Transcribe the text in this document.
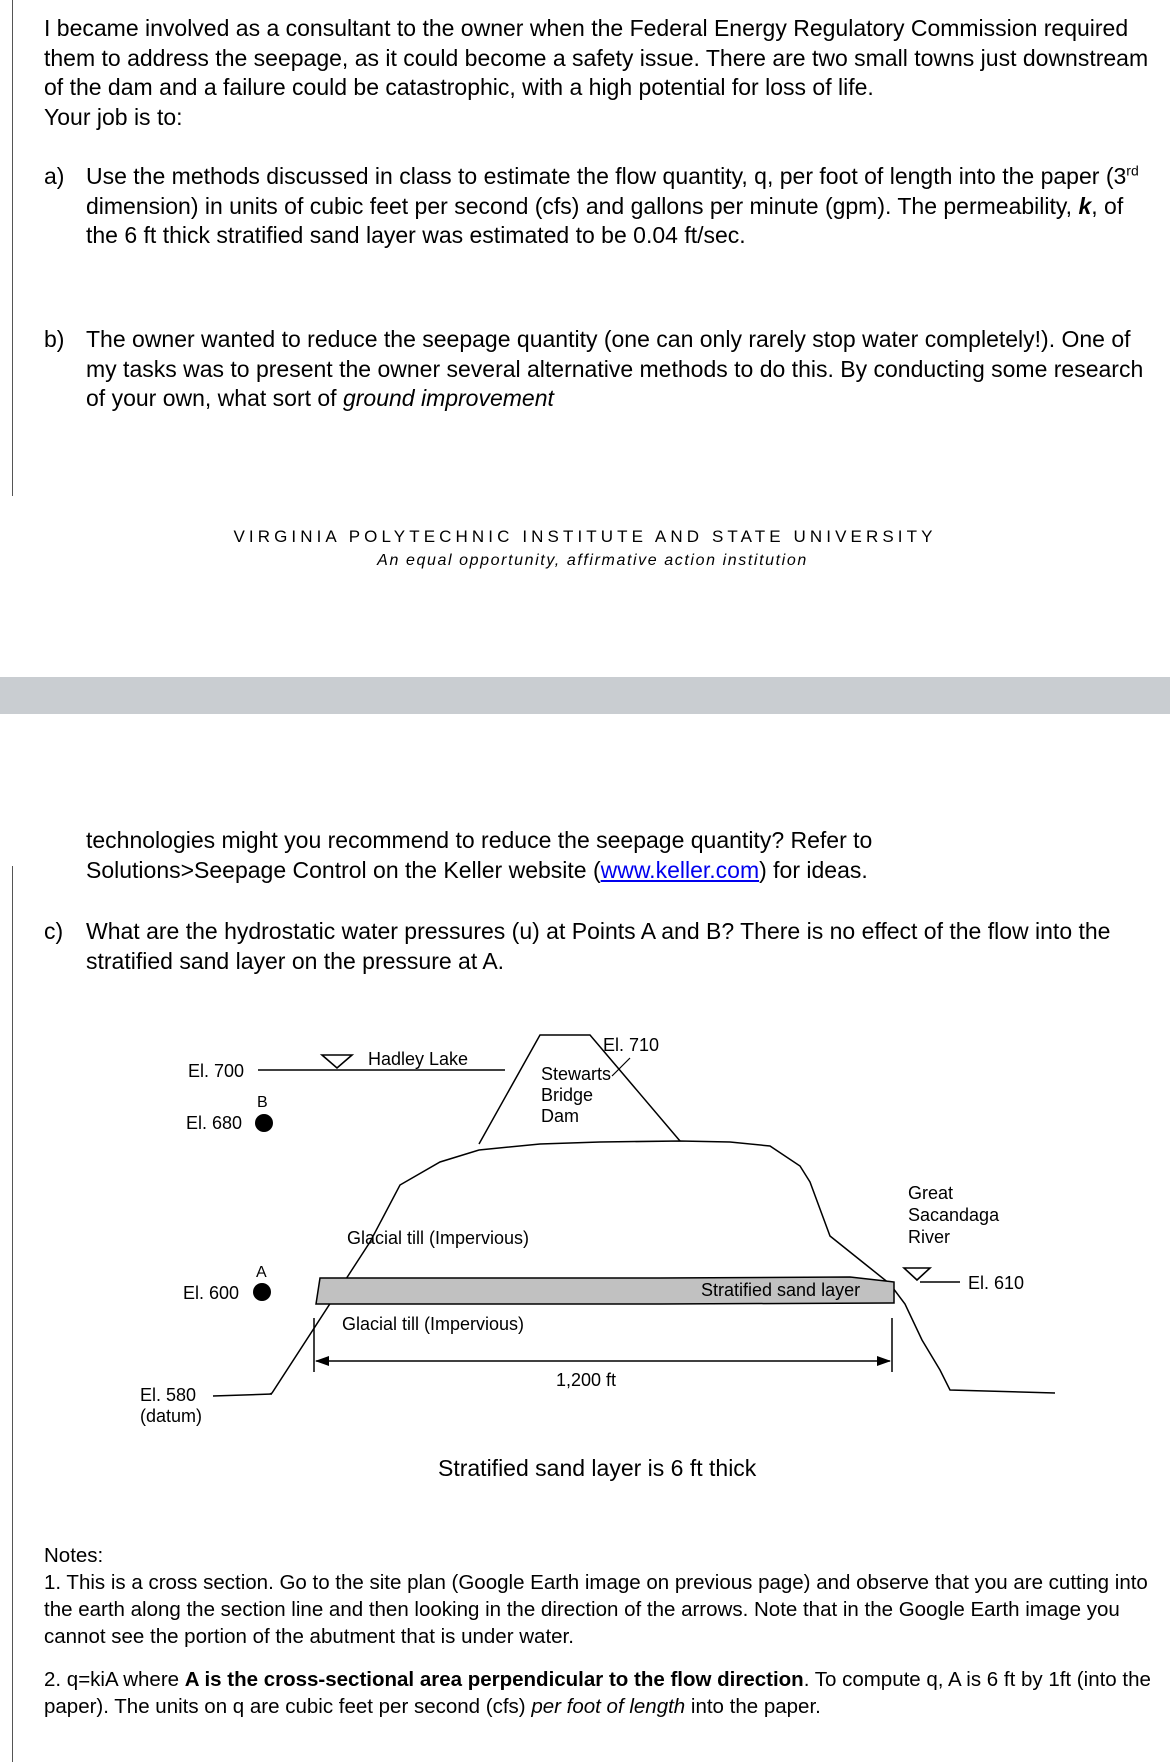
I became involved as a consultant to the owner when the Federal Energy Regulatory Commission required them to address the seepage, as it could become a safety issue. There are two small towns just downstream of the dam and a failure could be catastrophic, with a high potential for loss of life.
Your job is to:
a) Use the methods discussed in class to estimate the flow quantity, q, per foot of length into the paper (3rd dimension) in units of cubic feet per second (cfs) and gallons per minute (gpm). The permeability, k, of the 6 ft thick stratified sand layer was estimated to be 0.04 ft/sec.
b) The owner wanted to reduce the seepage quantity (one can only rarely stop water completely!). One of my tasks was to present the owner several alternative methods to do this. By conducting some research of your own, what sort of ground improvement
VIRGINIA POLYTECHNIC INSTITUTE AND STATE UNIVERSITY
An equal opportunity, affirmative action institution
technologies might you recommend to reduce the seepage quantity? Refer to
Solutions>Seepage Control on the Keller website (www.keller.com) for ideas.
c) What are the hydrostatic water pressures (u) at Points A and B? There is no effect of the flow into the stratified sand layer on the pressure at A.
El. 700
B
El. 680
A
El. 600
El. 580
(datum)
Hadley Lake
El. 710
Stewarts
Bridge
Dam
Glacial till (Impervious)
Glacial till (Impervious)
Stratified sand layer
Great
Sacandaga
River
El. 610
1,200 ft
Stratified sand layer is 6 ft thick
Notes:
1. This is a cross section. Go to the site plan (Google Earth image on previous page) and observe that you are cutting into the earth along the section line and then looking in the direction of the arrows. Note that in the Google Earth image you cannot see the portion of the abutment that is under water.
2. q=kiA where A is the cross-sectional area perpendicular to the flow direction. To compute q, A is 6 ft by 1ft (into the paper). The units on q are cubic feet per second (cfs) per foot of length into the paper.
